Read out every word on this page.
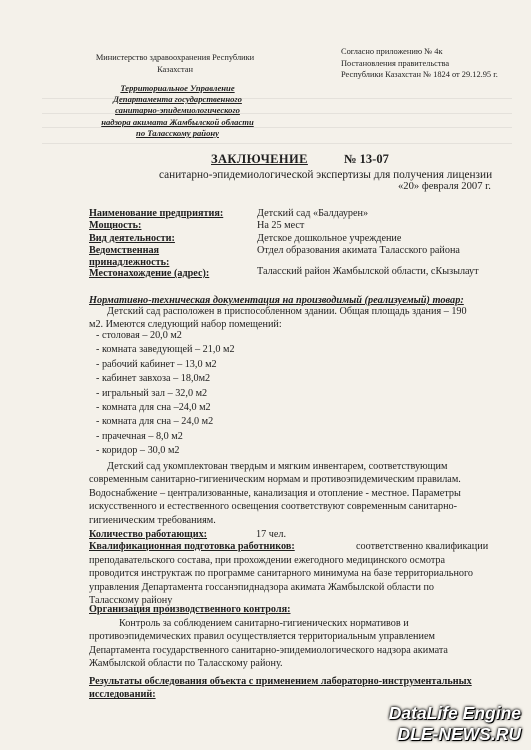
Министерство здравоохранения Республики
Казахстан
Согласно приложению № 4к
Постановления правительства
Республики Казахстан № 1824 от 29.12.95 г.
Территориальное Управление
Департамента государственного
санитарно-эпидемиологического
надзора акимата Жамбылской области
по Таласскому району
ЗАКЛЮЧЕНИЕ	№ 13-07
санитарно-эпидемиологической экспертизы для получения лицензии
«20» февраля 2007 г.
Наименование предприятия:	Детский сад «Балдаурен»
Мощность:	На 25 мест
Вид деятельности:	Детское дошкольное учреждение
Ведомственная	Отдел образования акимата Таласского района
принадлежность:
Местонахождение (адрес):	Таласский район Жамбылской области, сКызылаут
Нормативно-техническая документация на производимый (реализуемый) товар:
Детский сад расположен в приспособленном здании. Общая площадь здания – 190
м2. Имеются следующий набор помещений:
- столовая – 20,0 м2
- комната заведующей – 21,0 м2
- рабочий кабинет – 13,0 м2
- кабинет завхоза – 18,0м2
- игральный зал – 32,0 м2
- комната для сна –24,0 м2
- комната для сна – 24,0 м2
- прачечная – 8,0 м2
- коридор – 30,0 м2
Детский сад укомплектован твердым и мягким инвентарем, соответствующим
современным санитарно-гигиеническим нормам и противоэпидемическим правилам.
Водоснабжение – централизованные, канализация и отопление - местное. Параметры
искусственного и естественного освещения соответствуют современным санитарно-
гигиеническим требованиям.
Количество работающих:	17 чел.
Квалификационная подготовка работников:	соответственно квалификации
преподавательского состава, при прохождении ежегодного медицинского осмотра
проводится инструктаж по программе санитарного минимума на базе территориального
управления Департамента госсанэпиднадзора акимата Жамбылской области по
Таласскому району
Организация производственного контроля:
Контроль за соблюдением санитарно-гигиенических нормативов и
противоэпидемических правил осуществляется территориальным управлением
Департамента государственного санитарно-эпидемиологического надзора акимата
Жамбылской области по Таласскому району.
Результаты обследования объекта с применением лабораторно-инструментальных
исследований:
DataLife Engine
DLE-NEWS.RU
